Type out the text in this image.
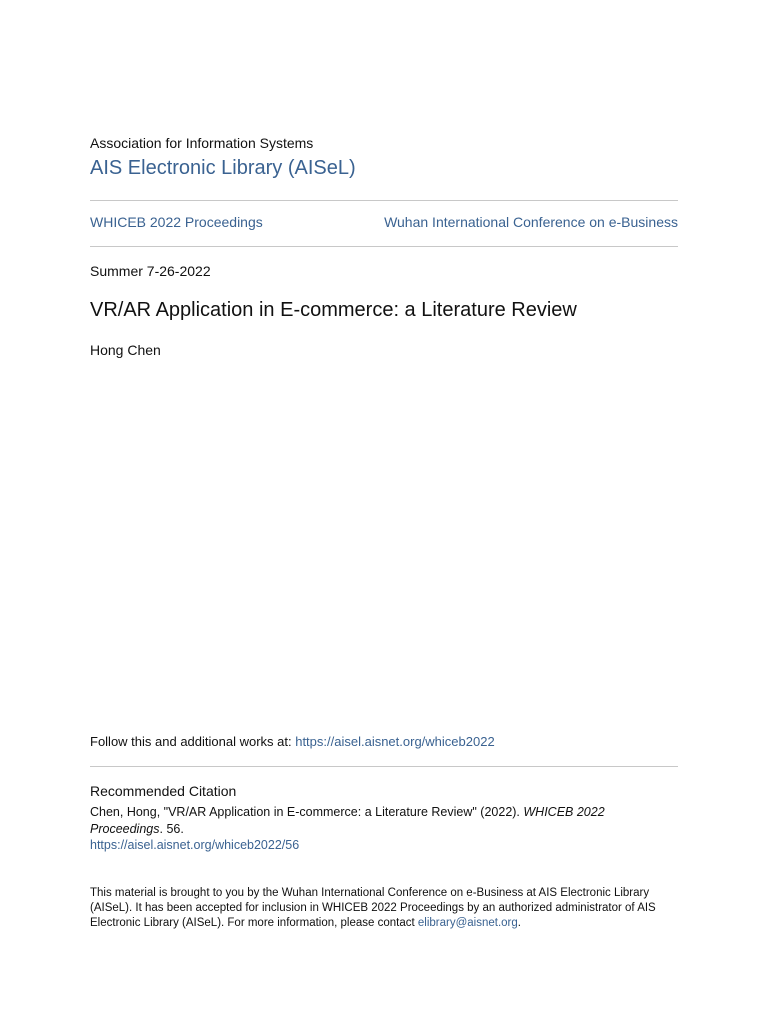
Association for Information Systems
AIS Electronic Library (AISeL)
WHICEB 2022 Proceedings	Wuhan International Conference on e-Business
Summer 7-26-2022
VR/AR Application in E-commerce: a Literature Review
Hong Chen
Follow this and additional works at: https://aisel.aisnet.org/whiceb2022
Recommended Citation
Chen, Hong, "VR/AR Application in E-commerce: a Literature Review" (2022). WHICEB 2022 Proceedings. 56.
https://aisel.aisnet.org/whiceb2022/56
This material is brought to you by the Wuhan International Conference on e-Business at AIS Electronic Library (AISeL). It has been accepted for inclusion in WHICEB 2022 Proceedings by an authorized administrator of AIS Electronic Library (AISeL). For more information, please contact elibrary@aisnet.org.
